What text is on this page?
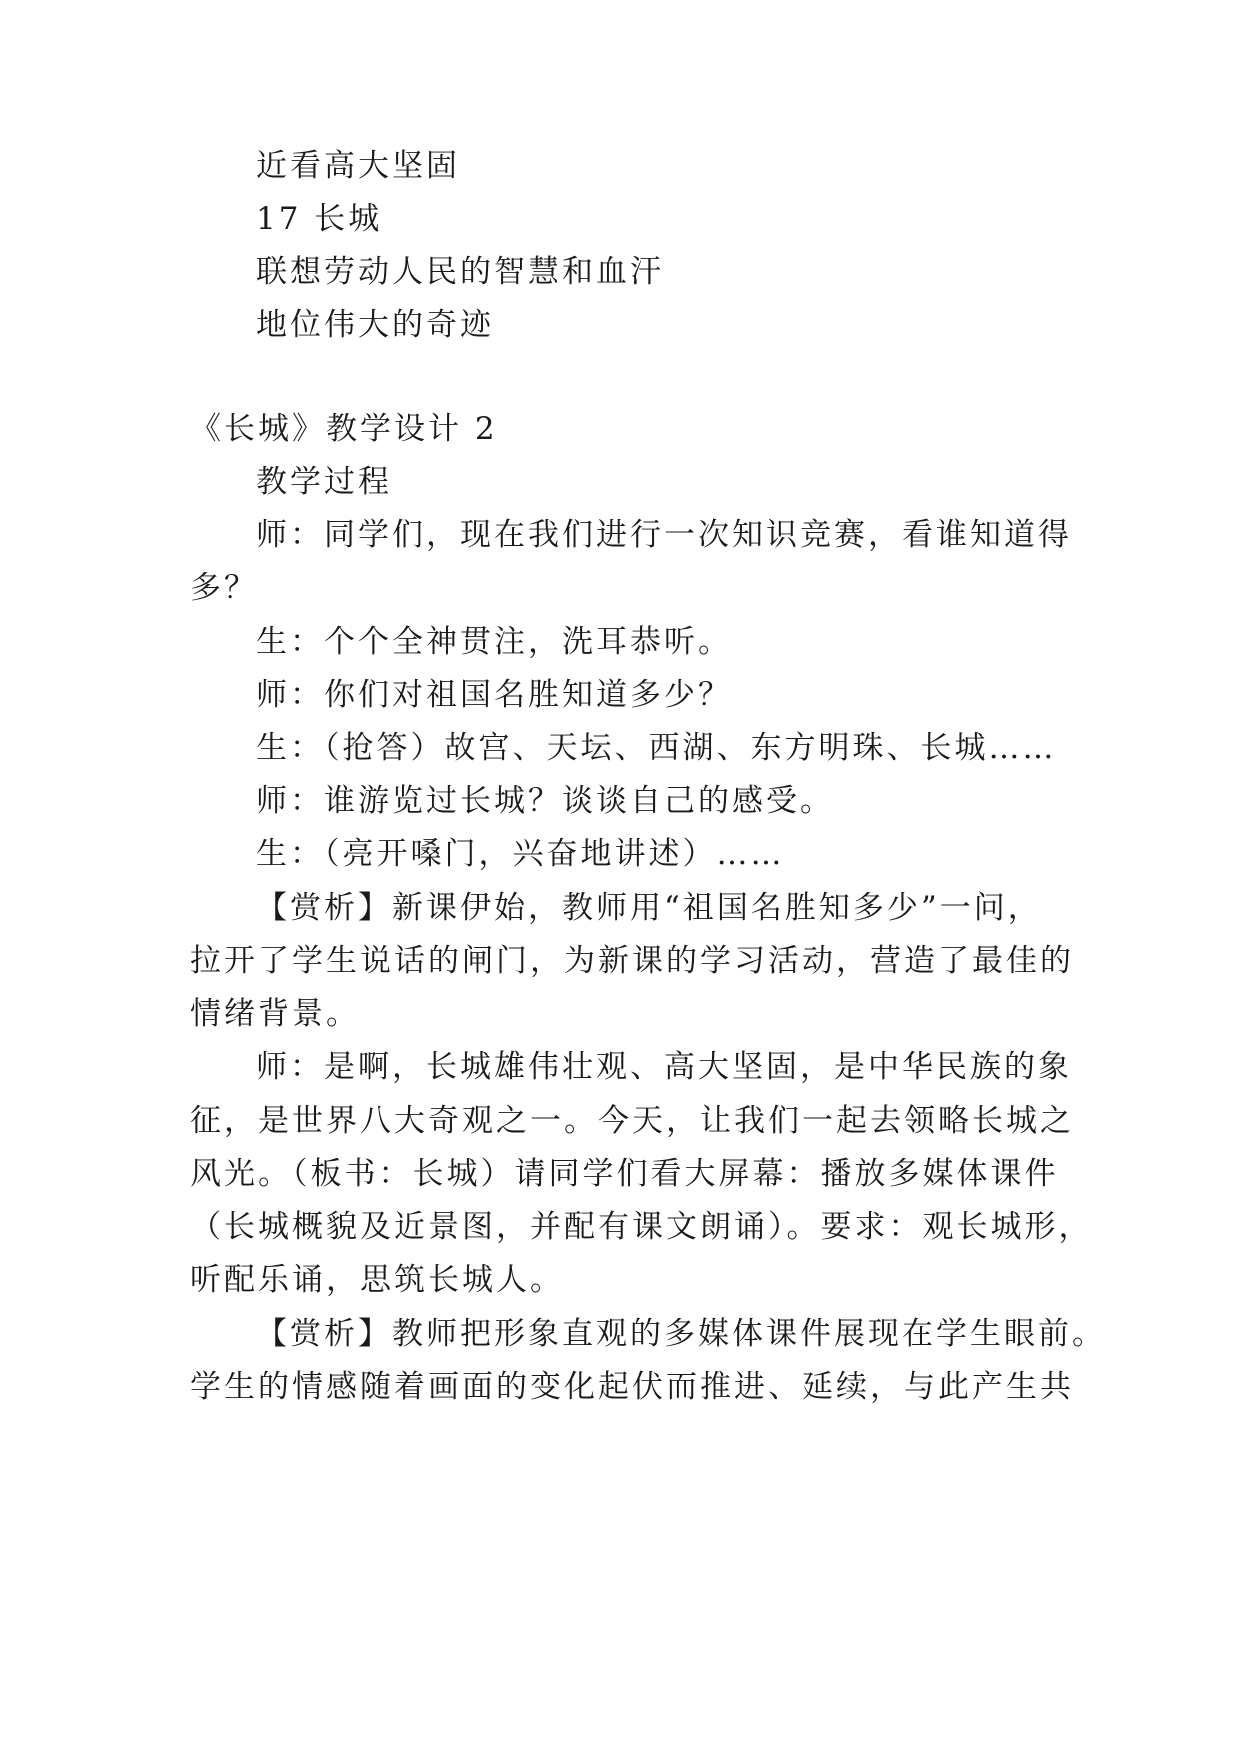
近看高大坚固
17 长城
联想劳动人民的智慧和血汗
地位伟大的奇迹
《长城》教学设计 2
教学过程
师：同学们，现在我们进行一次知识竞赛，看谁知道得
多？
生：个个全神贯注，洗耳恭听。
师：你们对祖国名胜知道多少？
生：（抢答）故宫、天坛、西湖、东方明珠、长城……
师：谁游览过长城？谈谈自己的感受。
生：（亮开嗓门，兴奋地讲述）……
【赏析】新课伊始，教师用“祖国名胜知多少”一问，
拉开了学生说话的闸门，为新课的学习活动，营造了最佳的
情绪背景。
师：是啊，长城雄伟壮观、高大坚固，是中华民族的象
征，是世界八大奇观之一。今天，让我们一起去领略长城之
风光。（板书：长城）请同学们看大屏幕：播放多媒体课件
（长城概貌及近景图，并配有课文朗诵）。要求：观长城形，
听配乐诵，思筑长城人。
【赏析】教师把形象直观的多媒体课件展现在学生眼前。
学生的情感随着画面的变化起伏而推进、延续，与此产生共
